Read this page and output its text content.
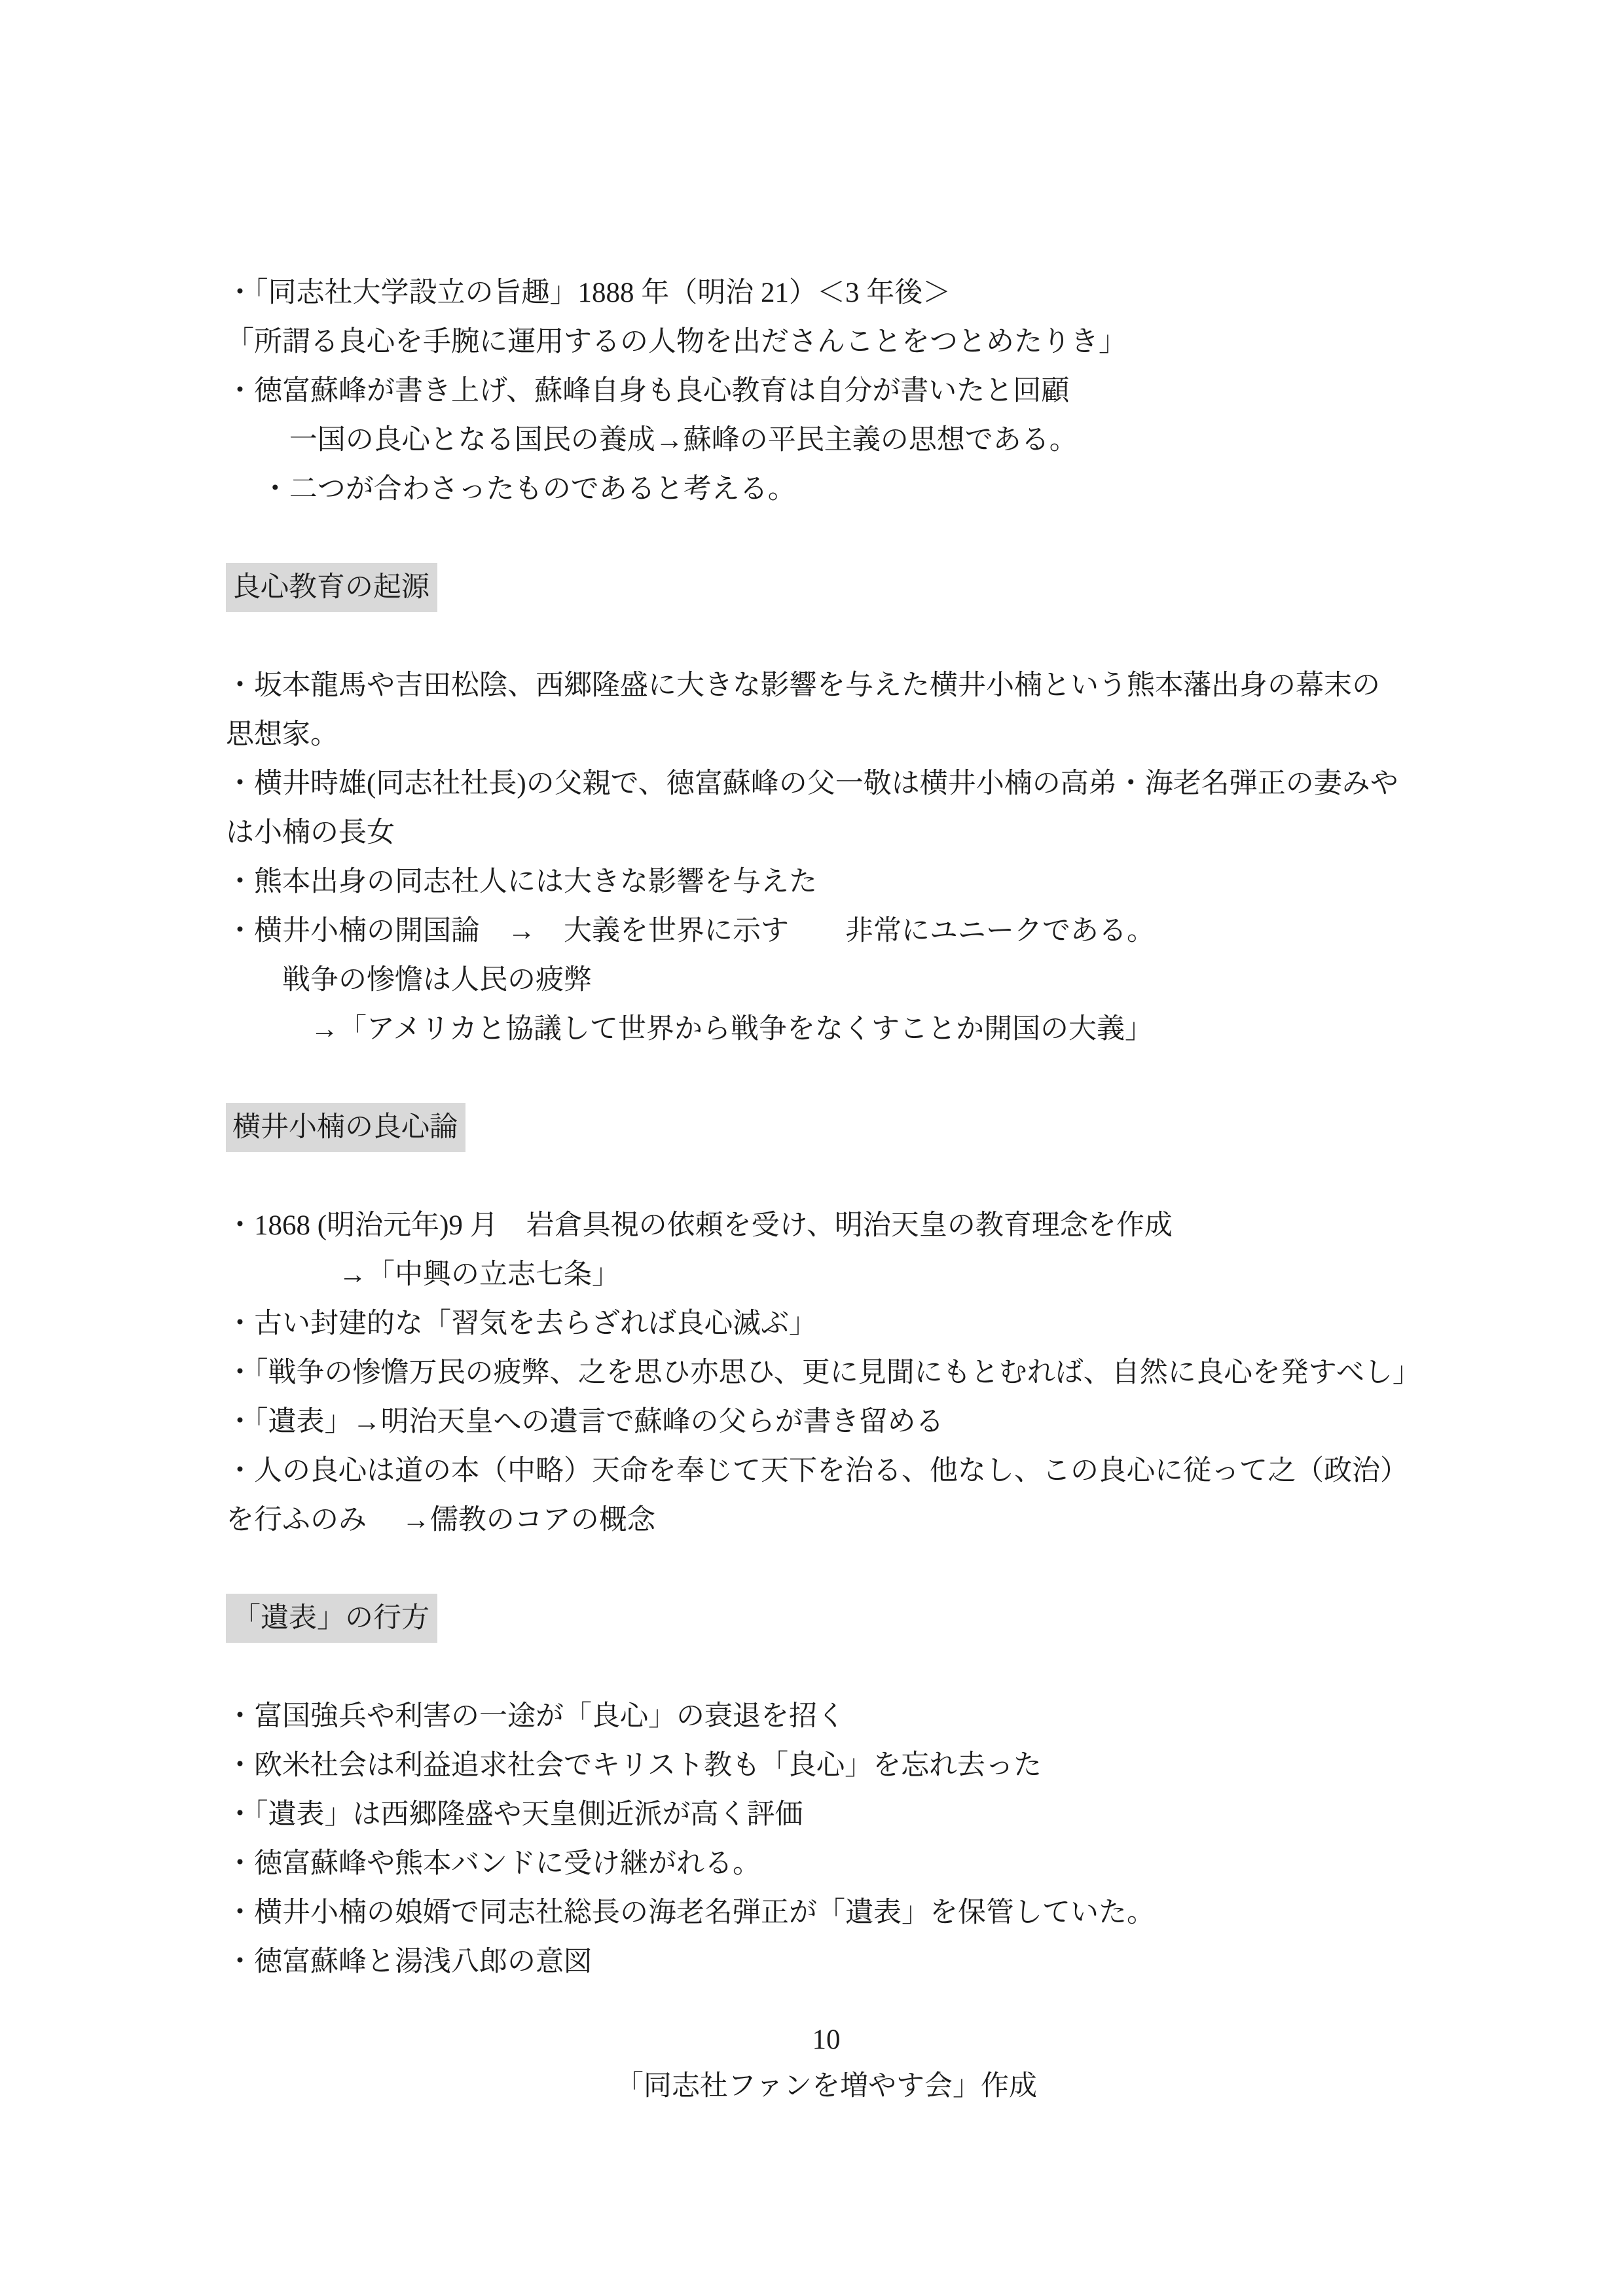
・「同志社大学設立の旨趣」1888 年（明治 21）＜3 年後＞
「所謂る良心を手腕に運用するの人物を出ださんことをつとめたりき」
・徳富蘇峰が書き上げ、蘇峰自身も良心教育は自分が書いたと回顧
　　 一国の良心となる国民の養成→蘇峰の平民主義の思想である。
　 ・二つが合わさったものであると考える。
良心教育の起源
・坂本龍馬や吉田松陰、西郷隆盛に大きな影響を与えた横井小楠という熊本藩出身の幕末の
思想家。
・横井時雄(同志社社長)の父親で、徳富蘇峰の父一敬は横井小楠の高弟・海老名弾正の妻みや
は小楠の長女
・熊本出身の同志社人には大きな影響を与えた
・横井小楠の開国論　→　大義を世界に示す　　非常にユニークである。
　　戦争の惨憺は人民の疲弊
　　　→「アメリカと協議して世界から戦争をなくすことか開国の大義」
横井小楠の良心論
・1868 (明治元年)9 月　岩倉具視の依頼を受け、明治天皇の教育理念を作成
　　　　→「中興の立志七条」
・古い封建的な「習気を去らざれば良心滅ぶ」
・「戦争の惨憺万民の疲弊、之を思ひ亦思ひ、更に見聞にもとむれば、自然に良心を発すべし」
・「遺表」→明治天皇への遺言で蘇峰の父らが書き留める
・人の良心は道の本（中略）天命を奉じて天下を治る、他なし、この良心に従って之（政治）
を行ふのみ　 →儒教のコアの概念
「遺表」の行方
・富国強兵や利害の一途が「良心」の衰退を招く
・欧米社会は利益追求社会でキリスト教も「良心」を忘れ去った
・「遺表」は西郷隆盛や天皇側近派が高く評価
・徳富蘇峰や熊本バンドに受け継がれる。
・横井小楠の娘婿で同志社総長の海老名弾正が「遺表」を保管していた。
・徳富蘇峰と湯浅八郎の意図
10
「同志社ファンを増やす会」作成
